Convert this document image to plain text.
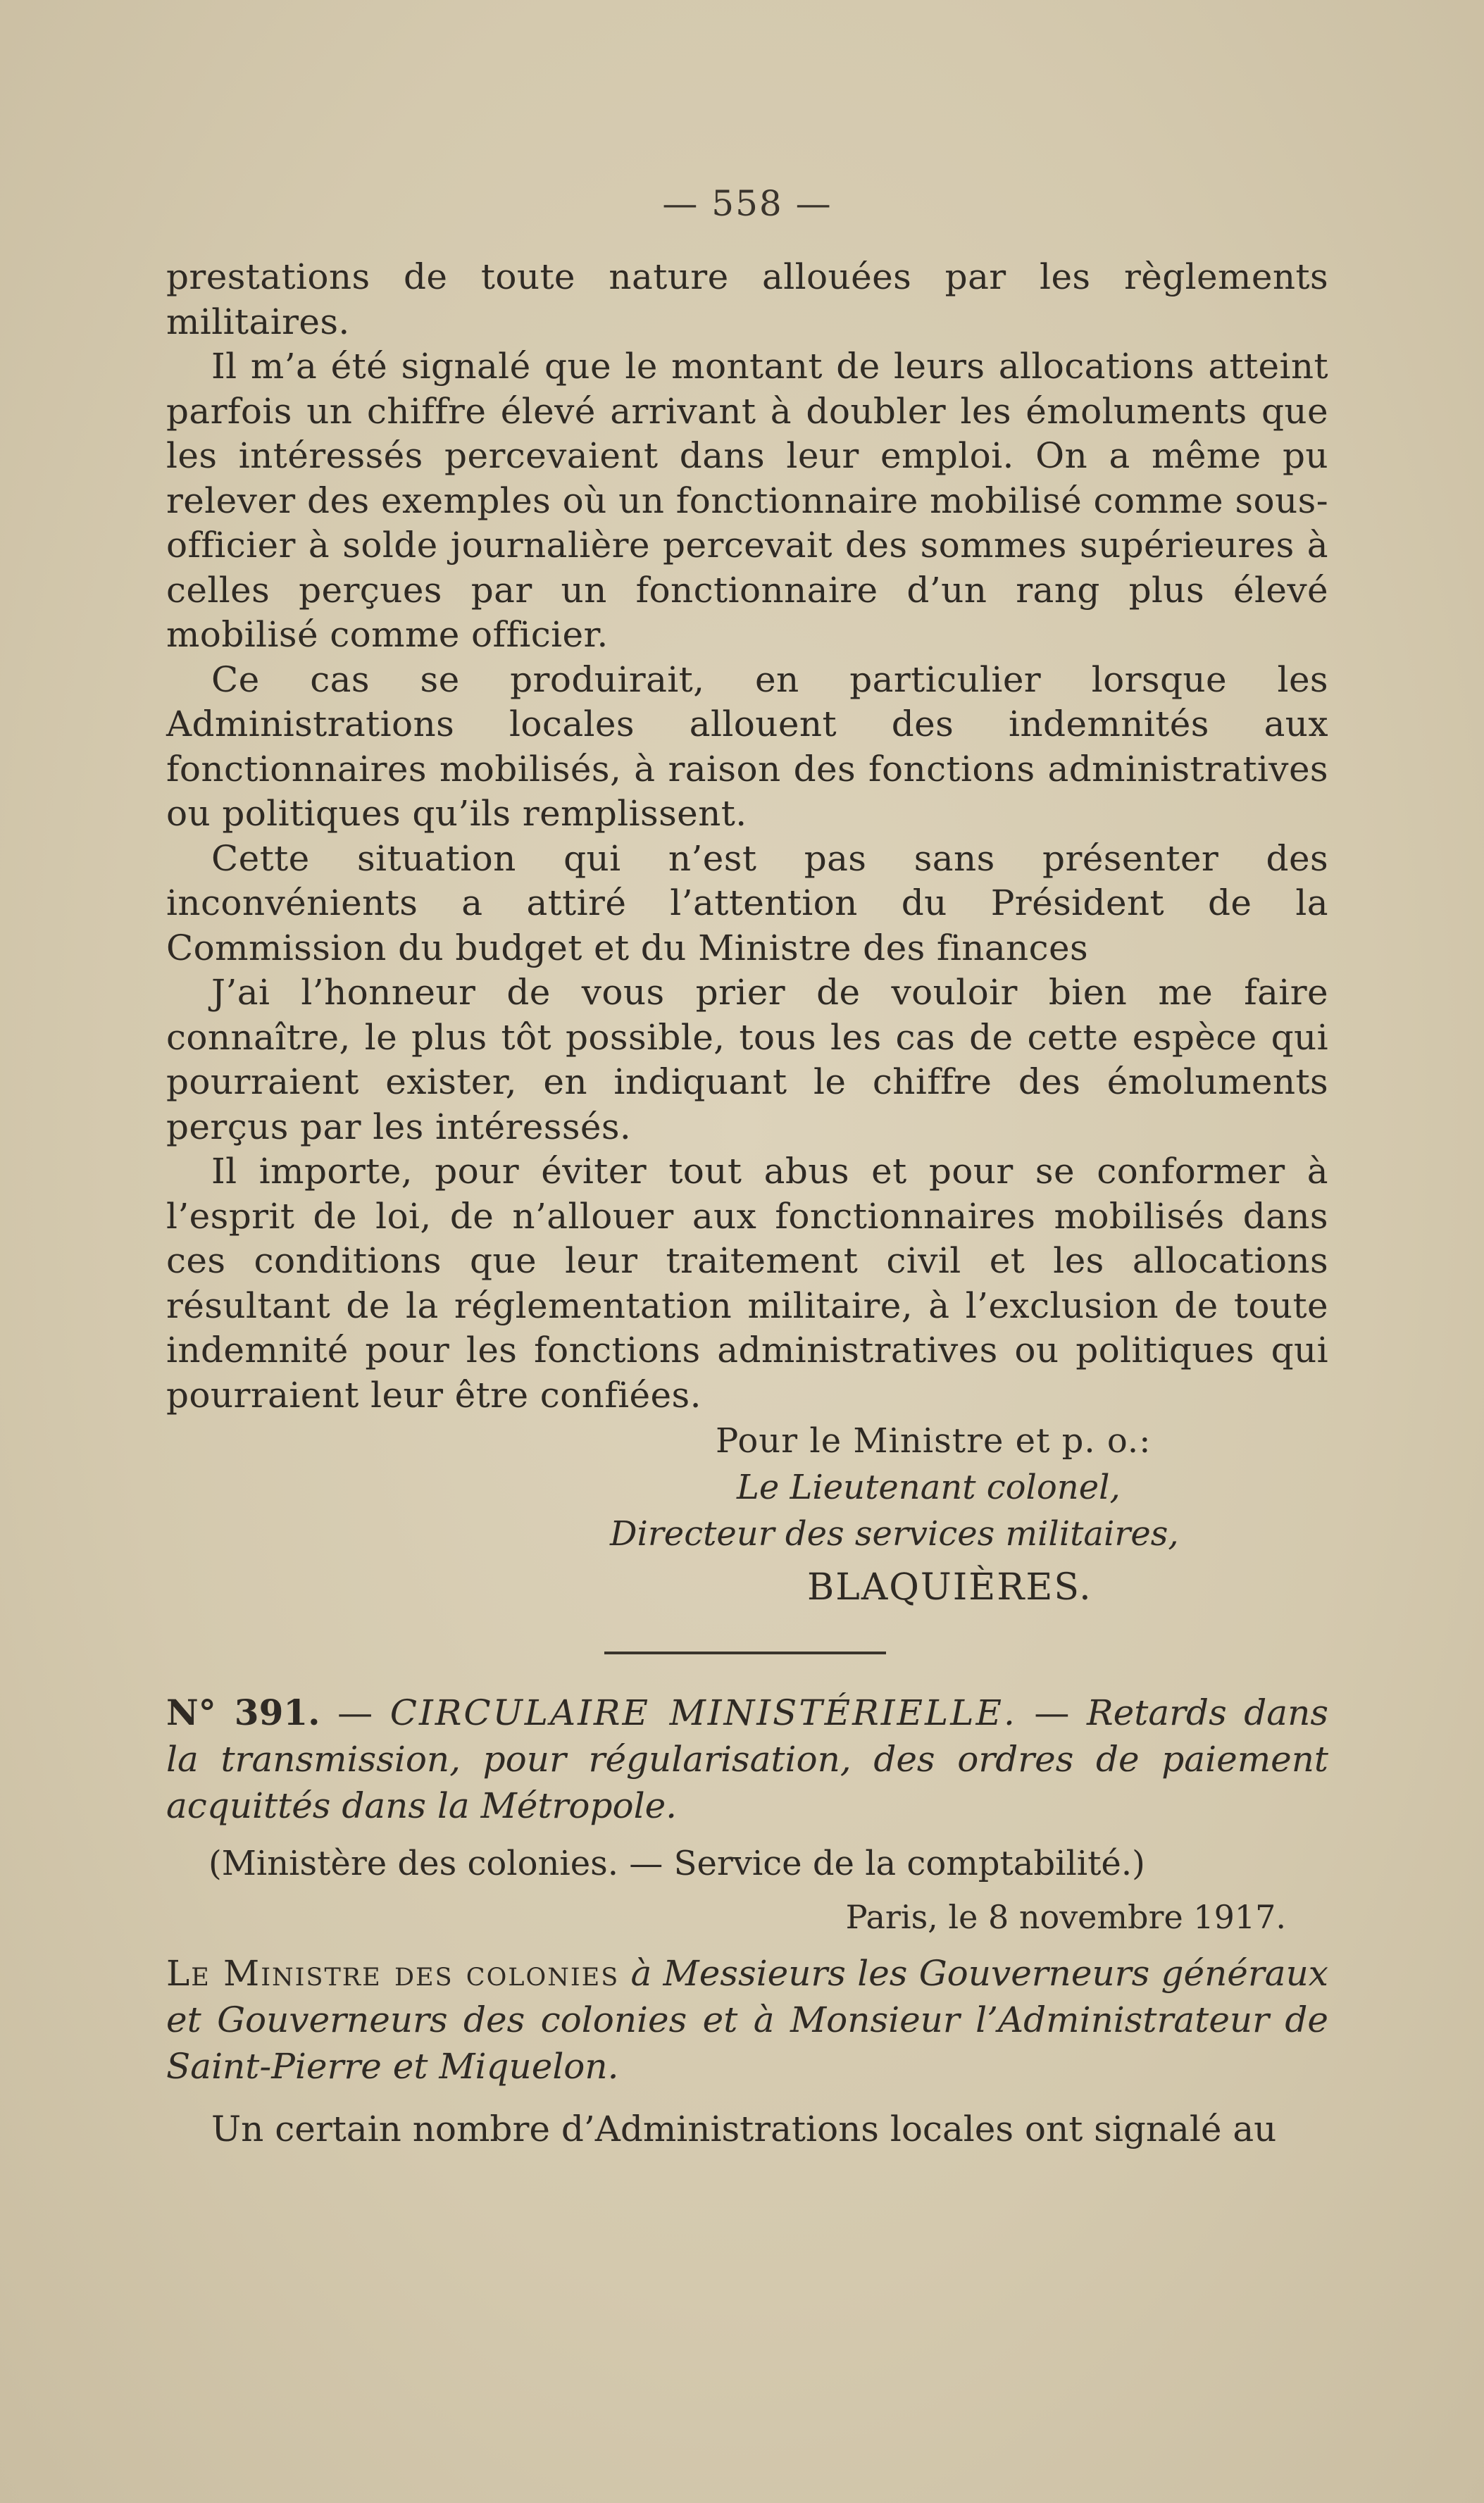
— 558 —

prestations de toute nature allouées par les règlements militaires.

Il m’a été signalé que le montant de leurs allocations atteint parfois un chiffre élevé arrivant à doubler les émoluments que les intéressés percevaient dans leur emploi. On a même pu relever des exemples où un fonctionnaire mobilisé comme sous-officier à solde journalière percevait des sommes supérieures à celles perçues par un fonctionnaire d’un rang plus élevé mobilisé comme officier.

Ce cas se produirait, en particulier lorsque les Administrations locales allouent des indemnités aux fonctionnaires mobilisés, à raison des fonctions administratives ou politiques qu’ils remplissent.

Cette situation qui n’est pas sans présenter des inconvénients a attiré l’attention du Président de la Commission du budget et du Ministre des finances

J’ai l’honneur de vous prier de vouloir bien me faire connaître, le plus tôt possible, tous les cas de cette espèce qui pourraient exister, en indiquant le chiffre des émoluments perçus par les intéressés.

Il importe, pour éviter tout abus et pour se conformer à l’esprit de loi, de n’allouer aux fonctionnaires mobilisés dans ces conditions que leur traitement civil et les allocations résultant de la réglementation militaire, à l’exclusion de toute indemnité pour les fonctions administratives ou politiques qui pourraient leur être confiées.

Pour le Ministre et p. o.:

Le Lieutenant colonel,

Directeur des services militaires,

BLAQUIÈRES.

N° 391. — CIRCULAIRE MINISTÉRIELLE. — Retards dans la transmission, pour régularisation, des ordres de paiement acquittés dans la Métropole.

(Ministère des colonies. — Service de la comptabilité.)

Paris, le 8 novembre 1917.

Le Ministre des colonies à Messieurs les Gouverneurs généraux et Gouverneurs des colonies et à Monsieur l’Administrateur de Saint-Pierre et Miquelon.

Un certain nombre d’Administrations locales ont signalé au
